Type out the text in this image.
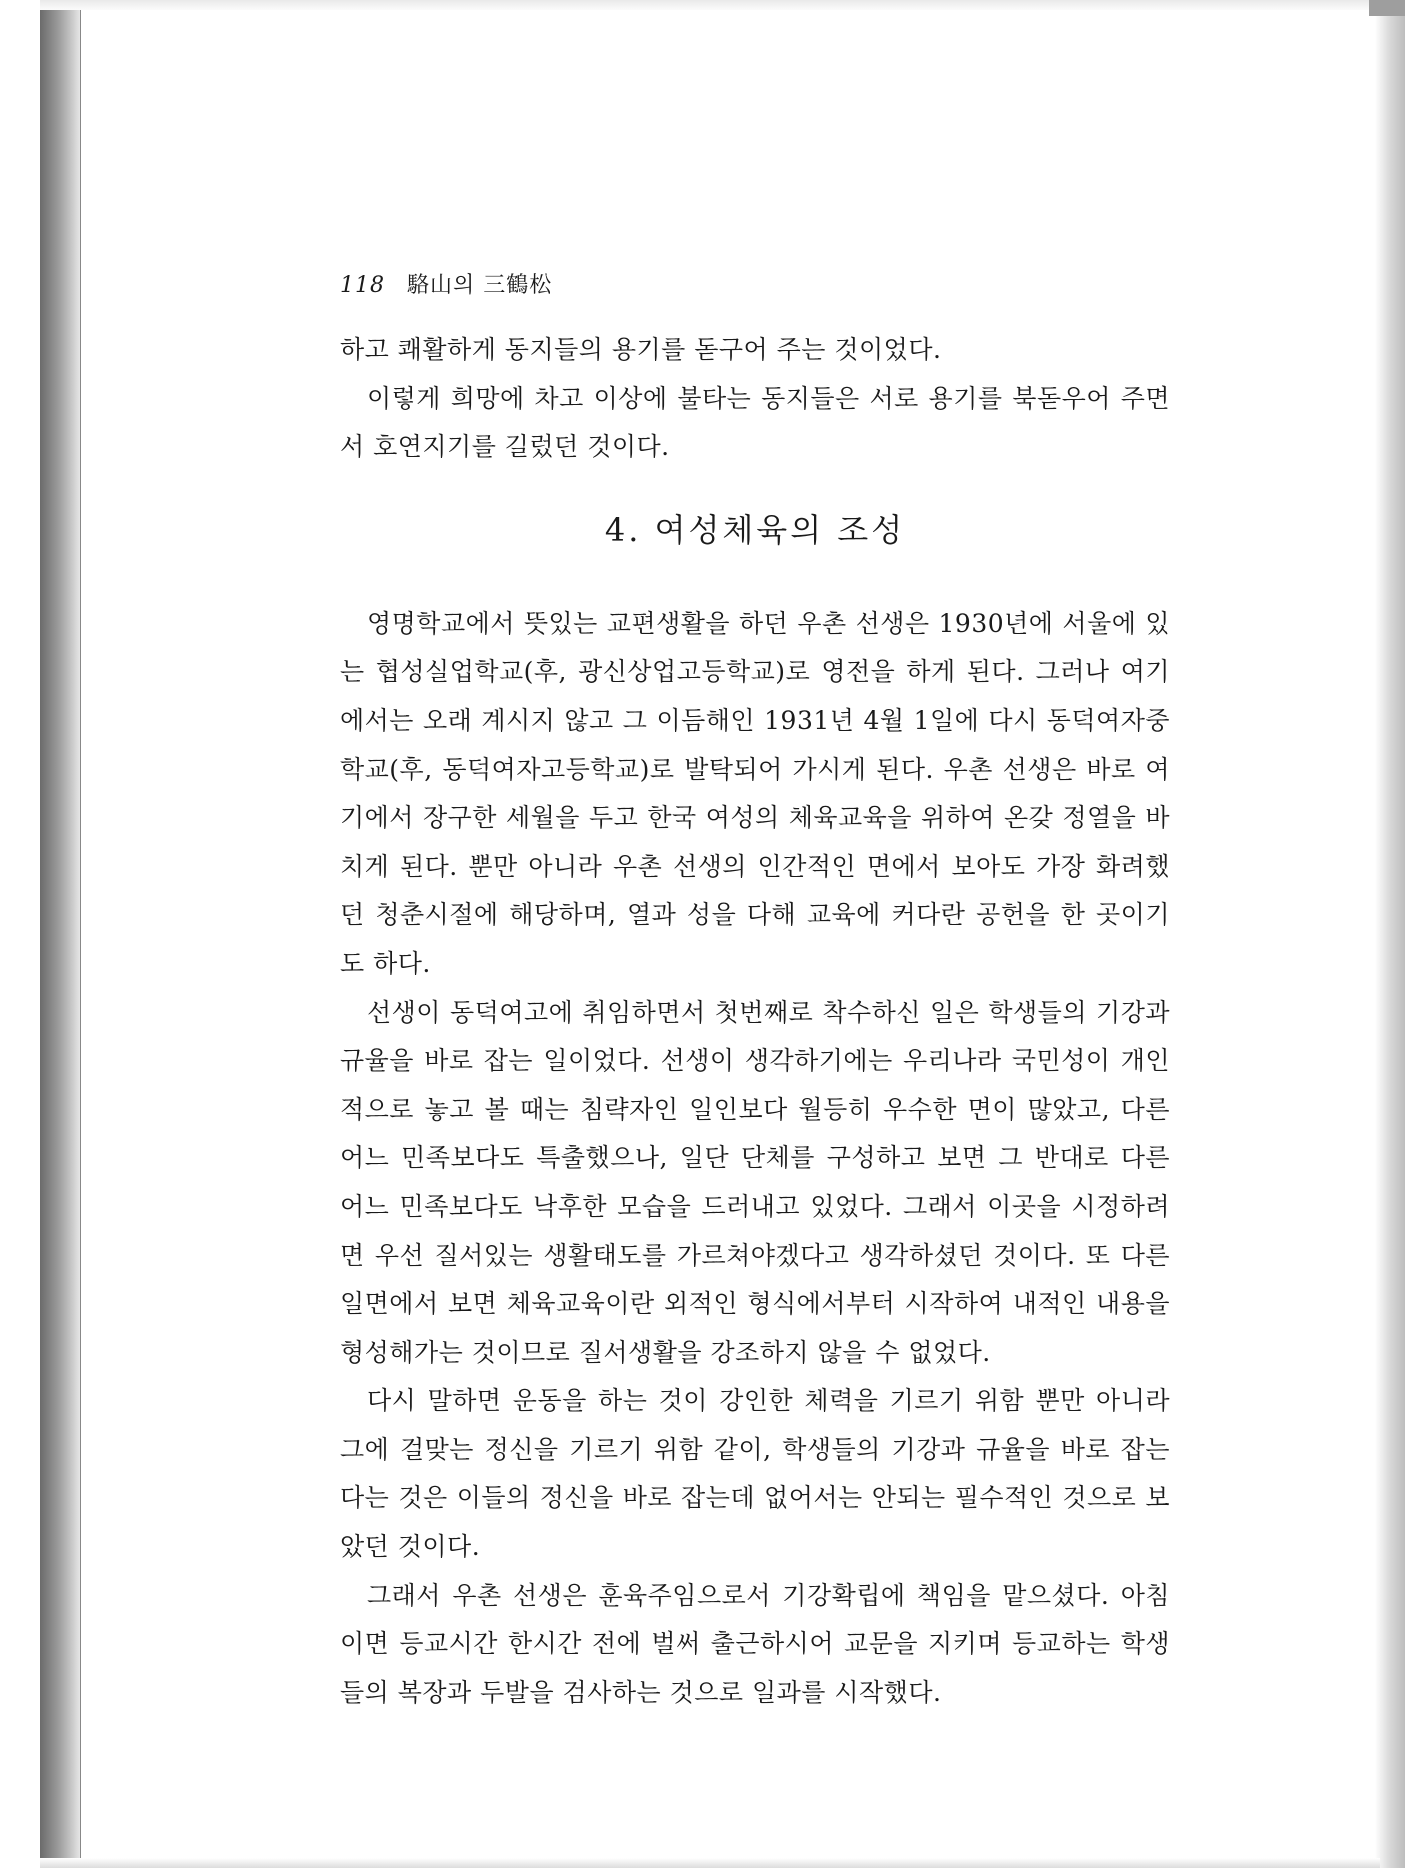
118 駱山의 三鶴松

하고 쾌활하게 동지들의 용기를 돋구어 주는 것이었다.

이렇게 희망에 차고 이상에 불타는 동지들은 서로 용기를 북돋우어 주면서 호연지기를 길렀던 것이다.

4. 여성체육의 조성

영명학교에서 뜻있는 교편생활을 하던 우촌 선생은 1930년에 서울에 있는 협성실업학교(후, 광신상업고등학교)로 영전을 하게 된다. 그러나 여기에서는 오래 계시지 않고 그 이듬해인 1931년 4월 1일에 다시 동덕여자중학교(후, 동덕여자고등학교)로 발탁되어 가시게 된다. 우촌 선생은 바로 여기에서 장구한 세월을 두고 한국 여성의 체육교육을 위하여 온갖 정열을 바치게 된다. 뿐만 아니라 우촌 선생의 인간적인 면에서 보아도 가장 화려했던 청춘시절에 해당하며, 열과 성을 다해 교육에 커다란 공헌을 한 곳이기도 하다.

선생이 동덕여고에 취임하면서 첫번째로 착수하신 일은 학생들의 기강과 규율을 바로 잡는 일이었다. 선생이 생각하기에는 우리나라 국민성이 개인적으로 놓고 볼 때는 침략자인 일인보다 월등히 우수한 면이 많았고, 다른 어느 민족보다도 특출했으나, 일단 단체를 구성하고 보면 그 반대로 다른 어느 민족보다도 낙후한 모습을 드러내고 있었다. 그래서 이곳을 시정하려면 우선 질서있는 생활태도를 가르쳐야겠다고 생각하셨던 것이다. 또 다른 일면에서 보면 체육교육이란 외적인 형식에서부터 시작하여 내적인 내용을 형성해가는 것이므로 질서생활을 강조하지 않을 수 없었다.

다시 말하면 운동을 하는 것이 강인한 체력을 기르기 위함 뿐만 아니라 그에 걸맞는 정신을 기르기 위함 같이, 학생들의 기강과 규율을 바로 잡는다는 것은 이들의 정신을 바로 잡는데 없어서는 안되는 필수적인 것으로 보았던 것이다.

그래서 우촌 선생은 훈육주임으로서 기강확립에 책임을 맡으셨다. 아침이면 등교시간 한시간 전에 벌써 출근하시어 교문을 지키며 등교하는 학생들의 복장과 두발을 검사하는 것으로 일과를 시작했다.
